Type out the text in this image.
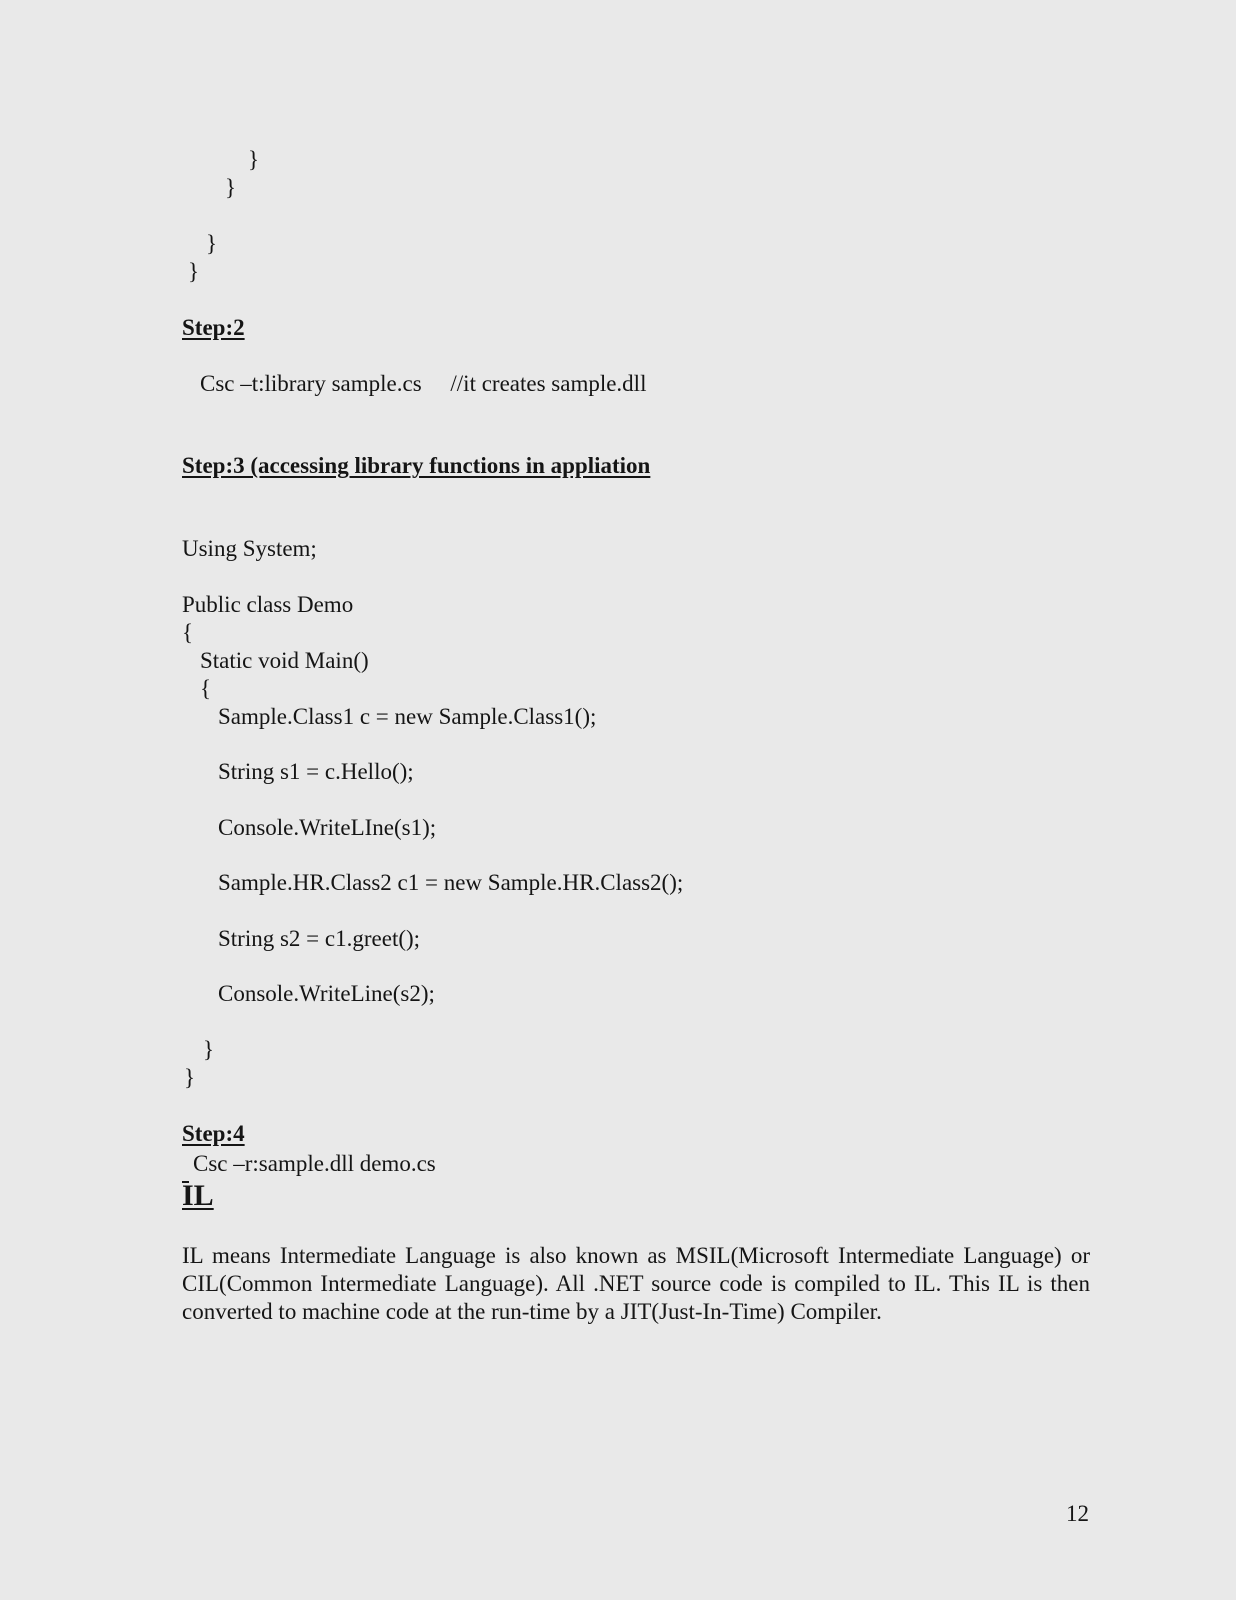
}
}
}
}
Step:2
Csc –t:library sample.cs     //it creates sample.dll
Step:3 (accessing library functions in appliation
Using System;
Public class Demo
{
Static void Main()
{
Sample.Class1 c = new Sample.Class1();
String s1 = c.Hello();
Console.WriteLIne(s1);
Sample.HR.Class2 c1 = new Sample.HR.Class2();
String s2 = c1.greet();
Console.WriteLine(s2);
}
}
Step:4
Csc –r:sample.dll demo.cs
IL
IL means Intermediate Language is also known as MSIL(Microsoft Intermediate Language) or CIL(Common Intermediate Language). All .NET source code is compiled to IL. This IL is then converted to machine code at the run-time by a JIT(Just-In-Time) Compiler.
12
